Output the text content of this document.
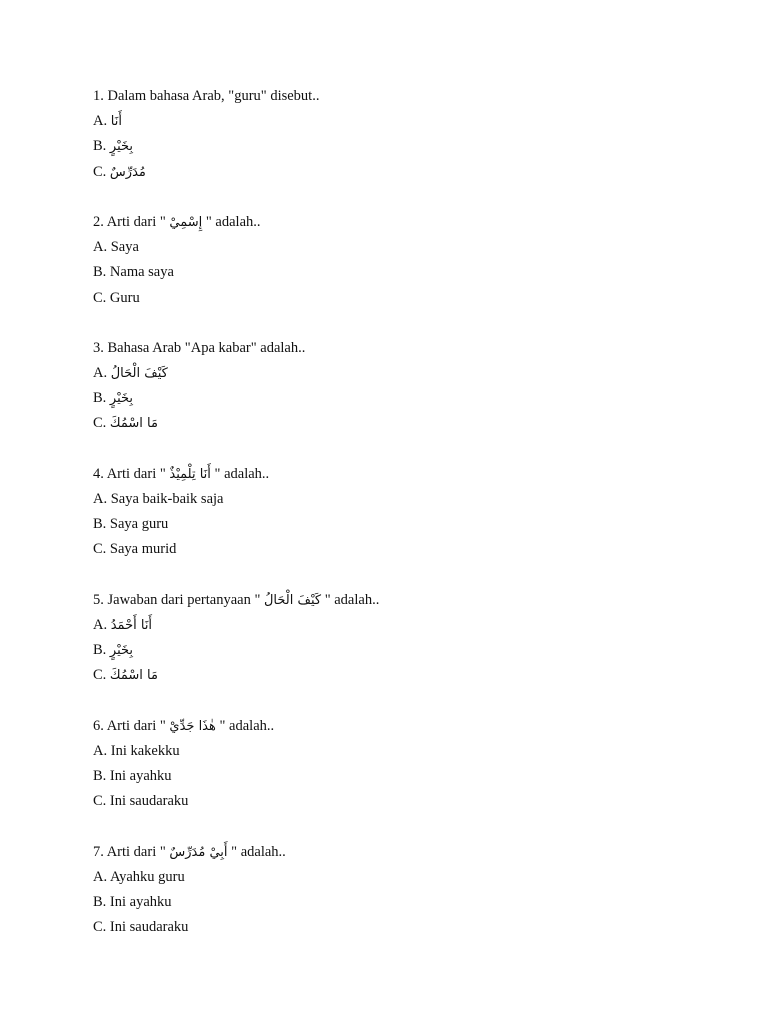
1. Dalam bahasa Arab, "guru" disebut..
A. أَنَا
B. بِخَيْرٍ
C. مُدَرِّسٌ
2. Arti dari " إِسْمِيْ " adalah..
A. Saya
B. Nama saya
C. Guru
3. Bahasa Arab "Apa kabar" adalah..
A. كَيْفَ الْحَالُ
B. بِخَيْرٍ
C. مَا اسْمُكَ
4. Arti dari " أَنَا تِلْمِيْذٌ " adalah..
A. Saya baik-baik saja
B. Saya guru
C. Saya murid
5. Jawaban dari pertanyaan " كَيْفَ الْحَالُ " adalah..
A. أَنَا أَحْمَدُ
B. بِخَيْرٍ
C. مَا اسْمُكَ
6. Arti dari " هٰذَا جَدِّيْ " adalah..
A. Ini kakekku
B. Ini ayahku
C. Ini saudaraku
7. Arti dari " أَبِيْ مُدَرِّسٌ " adalah..
A. Ayahku guru
B. Ini ayahku
C. Ini saudaraku
